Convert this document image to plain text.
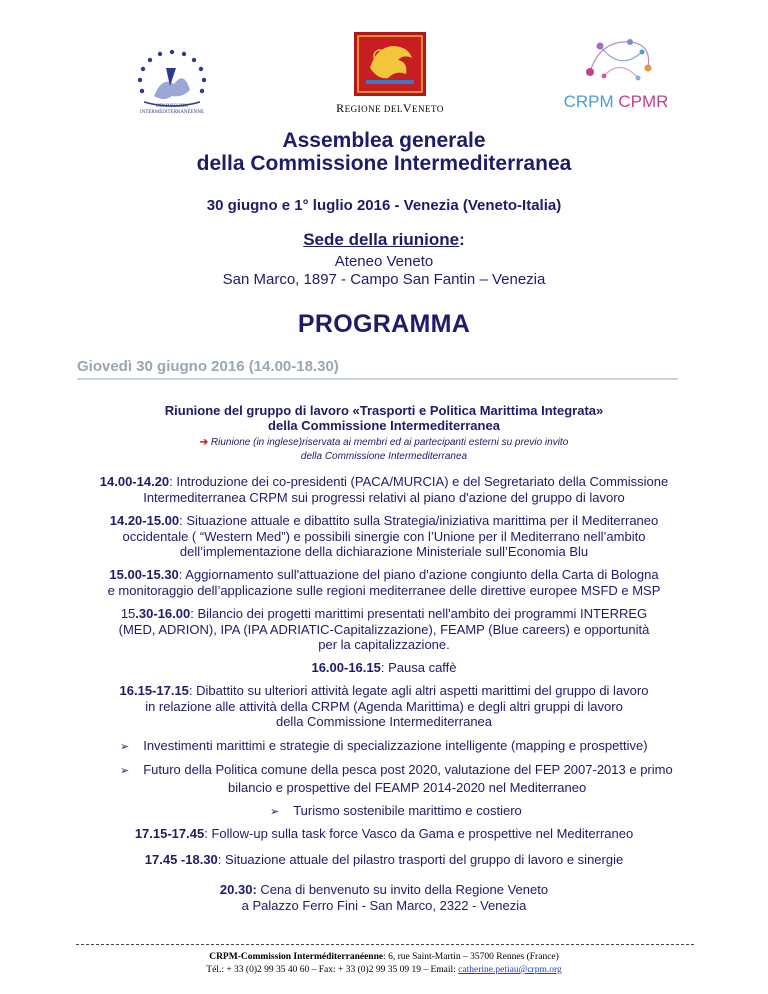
COMMISSION
INTERMÉDITERRANÉENNE	REGIONE DELVENETO	CRPM CPMR
Assemblea generale
della Commissione Intermediterranea
30 giugno e 1° luglio 2016 - Venezia (Veneto-Italia)
Sede della riunione:
Ateneo Veneto
San Marco, 1897 - Campo San Fantin – Venezia
PROGRAMMA
Giovedì 30 giugno 2016 (14.00-18.30)
Riunione del gruppo di lavoro «Trasporti e Politica Marittima Integrata»
della Commissione Intermediterranea
➔ Riunione (in inglese)riservata ai membri ed ai partecipanti esterni su previo invito
della Commissione Intermediterranea
14.00-14.20: Introduzione dei co-presidenti (PACA/MURCIA) e del Segretariato della Commissione
Intermediterranea CRPM sui progressi relativi al piano d'azione del gruppo di lavoro
14.20-15.00: Situazione attuale e dibattito sulla Strategia/iniziativa marittima per il Mediterraneo
occidentale ( “Western Med”) e possibili sinergie con l’Unione per il Mediterrano nell’ambito
dell’implementazione della dichiarazione Ministeriale sull’Economia Blu
15.00-15.30: Aggiornamento sull'attuazione del piano d'azione congiunto della Carta di Bologna
e monitoraggio dell’applicazione sulle regioni mediterranee delle direttive europee MSFD e MSP
15.30-16.00: Bilancio dei progetti marittimi presentati nell'ambito dei programmi INTERREG
(MED, ADRION), IPA (IPA ADRIATIC-Capitalizzazione), FEAMP (Blue careers) e opportunità
per la capitalizzazione.
16.00-16.15: Pausa caffè
16.15-17.15: Dibattito su ulteriori attività legate agli altri aspetti marittimi del gruppo di lavoro
in relazione alle attività della CRPM (Agenda Marittima) e degli altri gruppi di lavoro
della Commissione Intermediterranea
➢ Investimenti marittimi e strategie di specializzazione intelligente (mapping e prospettive)
➢ Futuro della Politica comune della pesca post 2020, valutazione del FEP 2007-2013 e primo
bilancio e prospettive del FEAMP 2014-2020 nel Mediterraneo
➢ Turismo sostenibile marittimo e costiero
17.15-17.45: Follow-up sulla task force Vasco da Gama e prospettive nel Mediterraneo
17.45 -18.30: Situazione attuale del pilastro trasporti del gruppo di lavoro e sinergie
20.30: Cena di benvenuto su invito della Regione Veneto
a Palazzo Ferro Fini - San Marco, 2322 - Venezia
CRPM-Commission Interméditerranéenne: 6, rue Saint-Martin – 35700 Rennes (France)
Tél.: + 33 (0)2 99 35 40 60 – Fax: + 33 (0)2 99 35 09 19 – Email: catherine.petiau@crpm.org
